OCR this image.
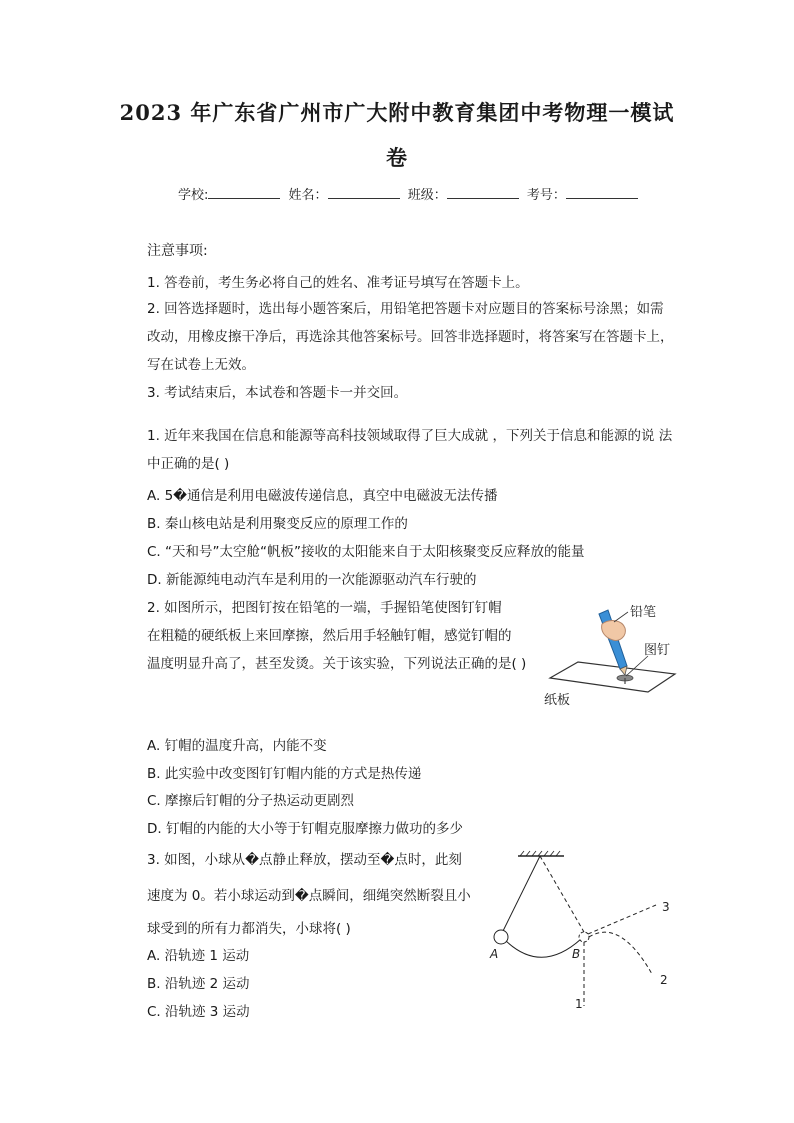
2023 年广东省广州市广大附中教育集团中考物理一模试
卷
学校:	姓名：	班级：	考号：
注意事项:
1. 答卷前，考生务必将自己的姓名、准考证号填写在答题卡上。
2. 回答选择题时，选出每小题答案后，用铅笔把答题卡对应题目的答案标号涂黑；如需
改动，用橡皮擦干净后，再选涂其他答案标号。回答非选择题时，将答案写在答题卡上，
写在试卷上无效。
3. 考试结束后，本试卷和答题卡一并交回。
1. 近年来我国在信息和能源等高科技领域取得了巨大成就 ，下列关于信息和能源的说 法
中正确的是( )
A. 5�通信是利用电磁波传递信息，真空中电磁波无法传播
B. 秦山核电站是利用聚变反应的原理工作的
C. “天和号”太空舱“帆板”接收的太阳能来自于太阳核聚变反应释放的能量
D. 新能源纯电动汽车是利用的一次能源驱动汽车行驶的
2. 如图所示，把图钉按在铅笔的一端，手握铅笔使图钉钉帽
在粗糙的硬纸板上来回摩擦，然后用手轻触钉帽，感觉钉帽的
温度明显升高了，甚至发烫。关于该实验，下列说法正确的是( )
铅笔
图钉
纸板
A. 钉帽的温度升高，内能不变
B. 此实验中改变图钉钉帽内能的方式是热传递
C. 摩擦后钉帽的分子热运动更剧烈
D. 钉帽的内能的大小等于钉帽克服摩擦力做功的多少
3. 如图，小球从�点静止释放，摆动至�点时，此刻
速度为 0。若小球运动到�点瞬间，细绳突然断裂且小
球受到的所有力都消失，小球将( )
A. 沿轨迹 1 运动
B. 沿轨迹 2 运动
C. 沿轨迹 3 运动
A	B
1
2
3
